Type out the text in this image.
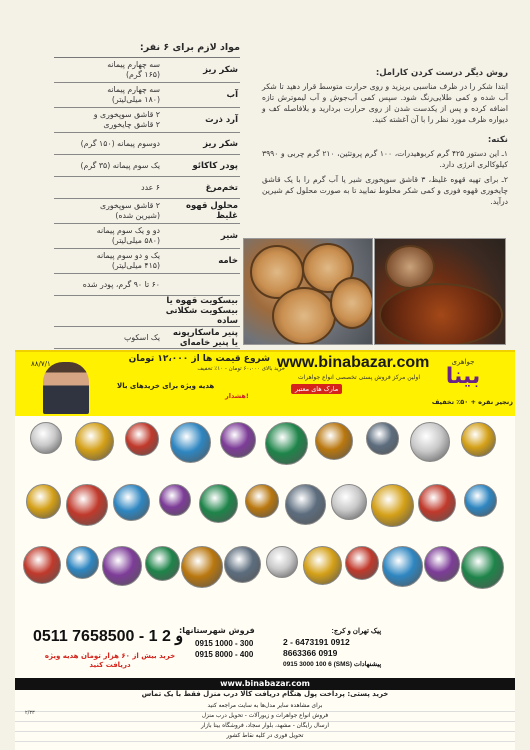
مواد لازم برای ۶ نفر:
شکر ریز
سه چهارم پیمانه
(۱۶۵ گرم)
آب
سه چهارم پیمانه
(۱۸۰ میلی‌لیتر)
آرد ذرت
۲ قاشق سوپخوری و
۲ قاشق چایخوری
شکر ریز
دوسوم پیمانه (۱۵۰ گرم)
پودر کاکائو
یک سوم پیمانه (۳۵ گرم)
تخم‌مرغ
۶ عدد
محلول قهوه غلیظ
۲ قاشق سوپخوری
(شیرین شده)
شیر
دو و یک سوم پیمانه
(۵۸۰ میلی‌لیتر)
خامه
یک و دو سوم پیمانه
(۴۱۵ میلی‌لیتر)
۶۰ تا ۹۰ گرم، پودر شده
بیسکویت قهوه یا
بیسکویت شکلاتی ساده
پنیر ماسکارپونه
یا پنیر خامه‌ای
یک اسکوپ
روش دیگر درست کردن کارامل:

ابتدا شکر را در ظرف مناسبی بریزید و روی حرارت متوسط قرار دهید تا شکر آب شده و کمی طلایی‌رنگ شود. سپس کمی آب‌جوش و آب لیموترش تازه اضافه کرده و پس از یکدست شدن از روی حرارت بردارید و بلافاصله کف و دیواره ظرف مورد نظر را با آن آغشته کنید.

نکته:

۱ـ این دستور ۴۲۵ گرم کربوهیدرات، ۱۰۰ گرم پروتئین، ۲۱۰ گرم چربی و ۳۹۹۰ کیلوکالری انرژی دارد.

۲ـ برای تهیه قهوه غلیظ، ۳ قاشق سوپخوری شیر یا آب گرم را با یک قاشق چایخوری قهوه فوری و کمی شکر مخلوط نمایید تا به صورت محلول کم شیرین درآید.

جواهری
بینا
www.binabazar.com
اولین مرکز فروش پستی تخصصی انواع جواهرات
مارک های معتبر
زنجیر نقره + ۵۰٪ تخفیف
شروع قیمت ها از ۱۲،۰۰۰ تومان
خرید بالای ۶۰،۰۰۰ تومان - ۱۰٪ تخفیف
هدیه ویژه برای خریدهای بالا
هشدار!
۸۸/۷/۱
0511 7658500 - 1 و 2
فروش شهرستانها:
0915 1000 - 300
0915 8000 - 400
پیک تهران و کرج:
0912 6473191 - 2
0919 8663366
پیشنهادات (SMS) 0915 3000 100 6
خرید بیش از ۶۰ هزار تومان هدیه ویژه دریافت کنید
www.binabazar.com
خرید پستی: پرداخت پول هنگام دریافت کالا درب منزل فقط با یک تماس
برای مشاهده سایر مدل‌ها به سایت مراجعه کنید
فروش انواع جواهرات و زیورآلات - تحویل درب منزل
ارسال رایگان - مشهد، بلوار سجاد، فروشگاه بینا بازار
تحویل فوری در کلیه نقاط کشور
۲/۳۳
